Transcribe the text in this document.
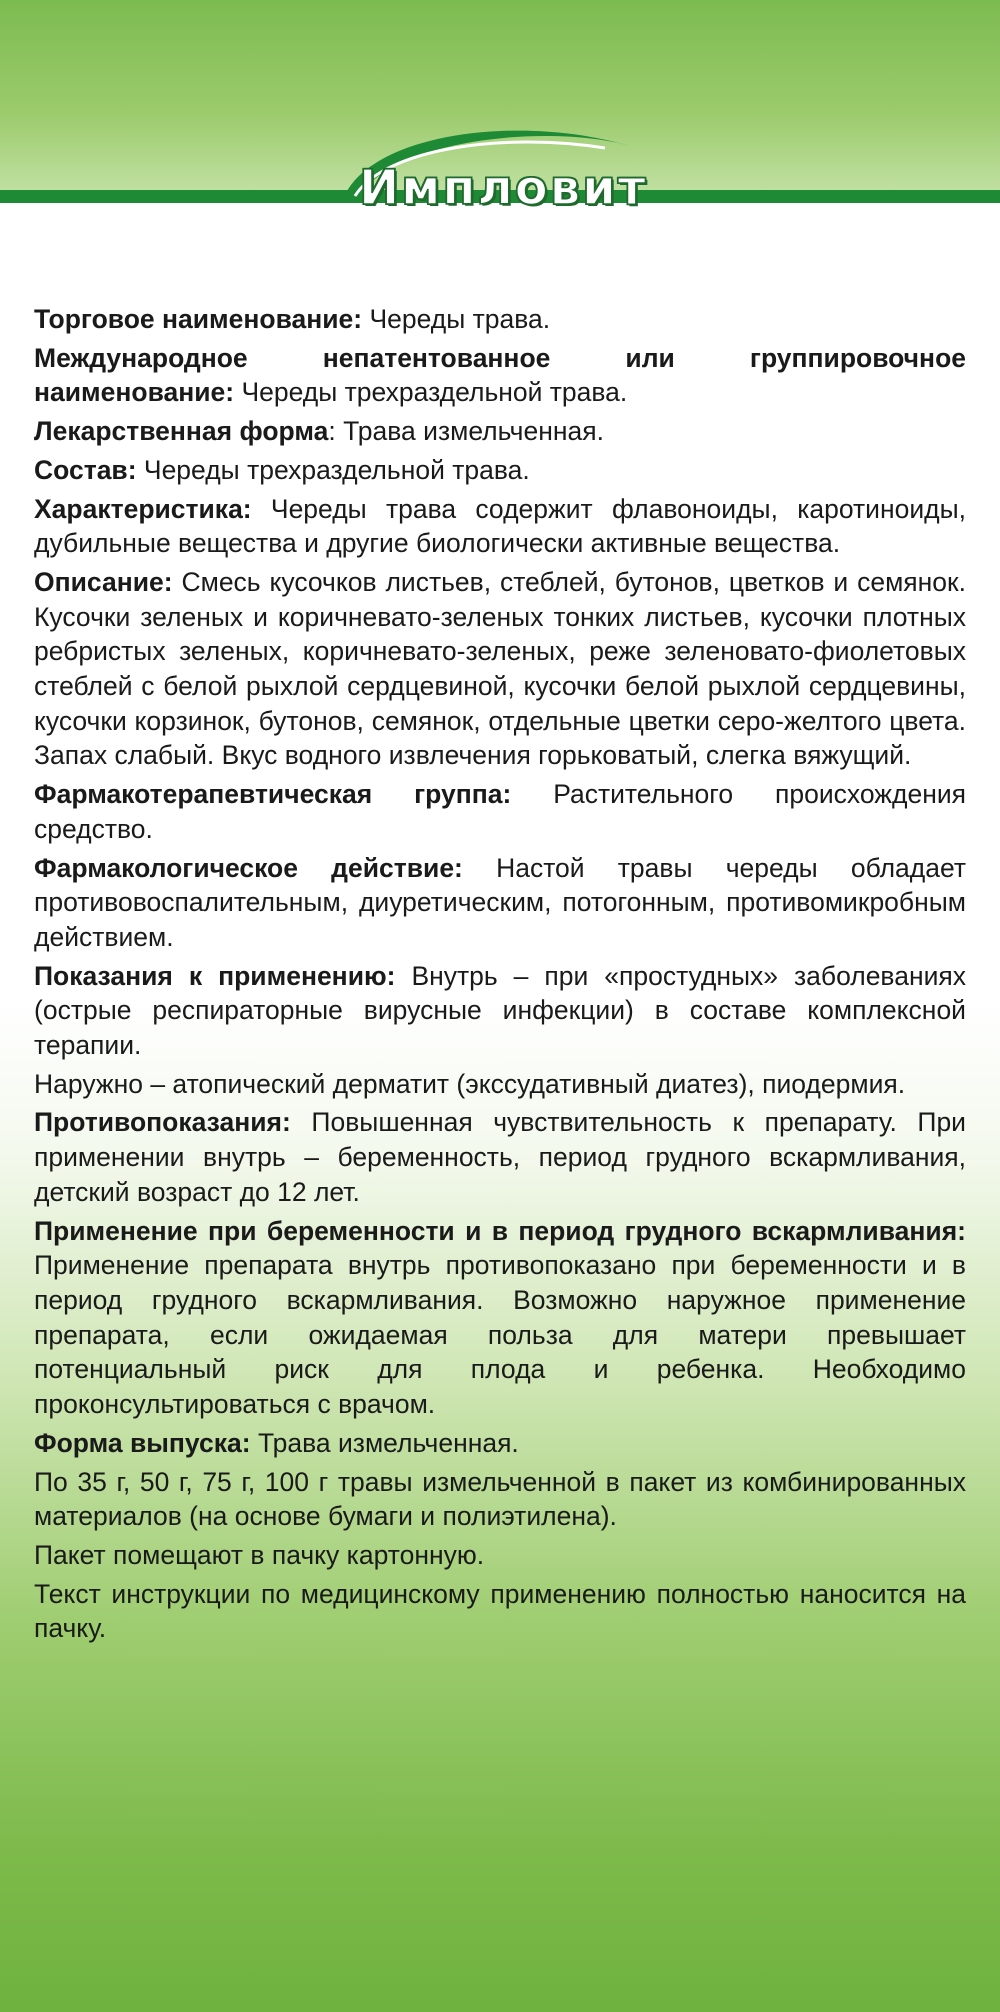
Импловит

Торговое наименование: Череды трава.

Международное непатентованное или группировочное наименование: Череды трехраздельной трава.

Лекарственная форма: Трава измельченная.

Состав: Череды трехраздельной трава.

Характеристика: Череды трава содержит флавоноиды, каротиноиды, дубильные вещества и другие биологически активные вещества.

Описание: Смесь кусочков листьев, стеблей, бутонов, цветков и семянок. Кусочки зеленых и коричневато-зеленых тонких листьев, кусочки плотных ребристых зеленых, коричневато-зеленых, реже зеленовато-фиолетовых стеблей с белой рыхлой сердцевиной, кусочки белой рыхлой сердцевины, кусочки корзинок, бутонов, семянок, отдельные цветки серо-желтого цвета. Запах слабый. Вкус водного извлечения горьковатый, слегка вяжущий.

Фармакотерапевтическая группа: Растительного происхождения средство.

Фармакологическое действие: Настой травы череды обладает противовоспалительным, диуретическим, потогонным, противомикробным действием.

Показания к применению: Внутрь – при «простудных» заболеваниях (острые респираторные вирусные инфекции) в составе комплексной терапии.

Наружно – атопический дерматит (экссудативный диатез), пиодермия.

Противопоказания: Повышенная чувствительность к препарату. При применении внутрь – беременность, период грудного вскармливания, детский возраст до 12 лет.

Применение при беременности и в период грудного вскармливания: Применение препарата внутрь противопоказано при беременности и в период грудного вскармливания. Возможно наружное применение препарата, если ожидаемая польза для матери превышает потенциальный риск для плода и ребенка. Необходимо проконсультироваться с врачом.

Форма выпуска: Трава измельченная.

По 35 г, 50 г, 75 г, 100 г травы измельченной в пакет из комбинированных материалов (на основе бумаги и полиэтилена).

Пакет помещают в пачку картонную.

Текст инструкции по медицинскому применению полностью наносится на пачку.
